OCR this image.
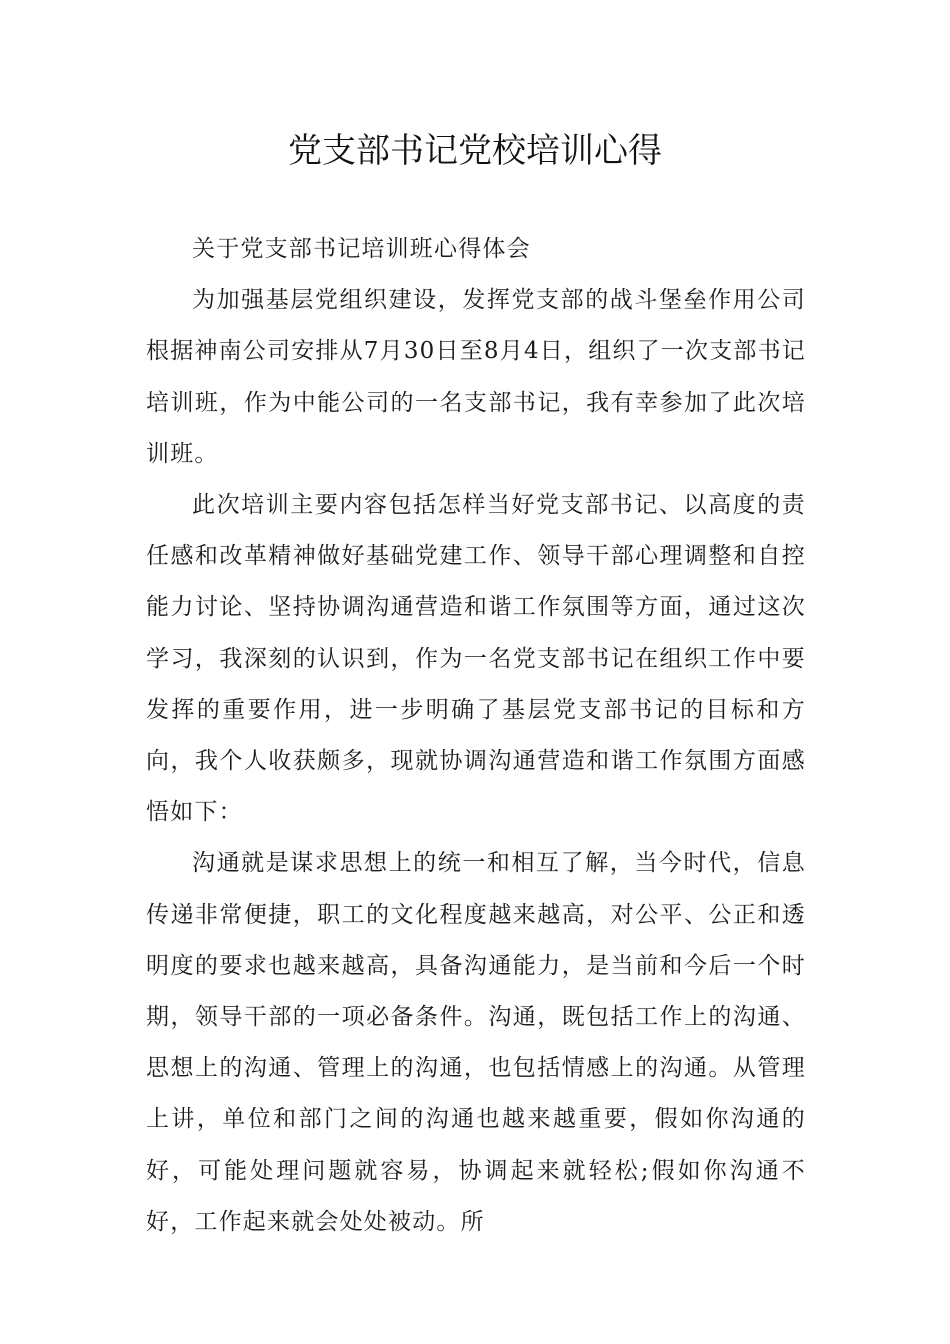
党支部书记党校培训心得

关于党支部书记培训班心得体会

为加强基层党组织建设，发挥党支部的战斗堡垒作用公司根据神南公司安排从7月30日至8月4日，组织了一次支部书记培训班，作为中能公司的一名支部书记，我有幸参加了此次培训班。

此次培训主要内容包括怎样当好党支部书记、以高度的责任感和改革精神做好基础党建工作、领导干部心理调整和自控能力讨论、坚持协调沟通营造和谐工作氛围等方面，通过这次学习，我深刻的认识到，作为一名党支部书记在组织工作中要发挥的重要作用，进一步明确了基层党支部书记的目标和方向，我个人收获颇多，现就协调沟通营造和谐工作氛围方面感悟如下：

沟通就是谋求思想上的统一和相互了解，当今时代，信息传递非常便捷，职工的文化程度越来越高，对公平、公正和透明度的要求也越来越高，具备沟通能力，是当前和今后一个时期，领导干部的一项必备条件。沟通，既包括工作上的沟通、思想上的沟通、管理上的沟通，也包括情感上的沟通。从管理上讲，单位和部门之间的沟通也越来越重要，假如你沟通的好，可能处理问题就容易，协调起来就轻松;假如你沟通不好，工作起来就会处处被动。所
